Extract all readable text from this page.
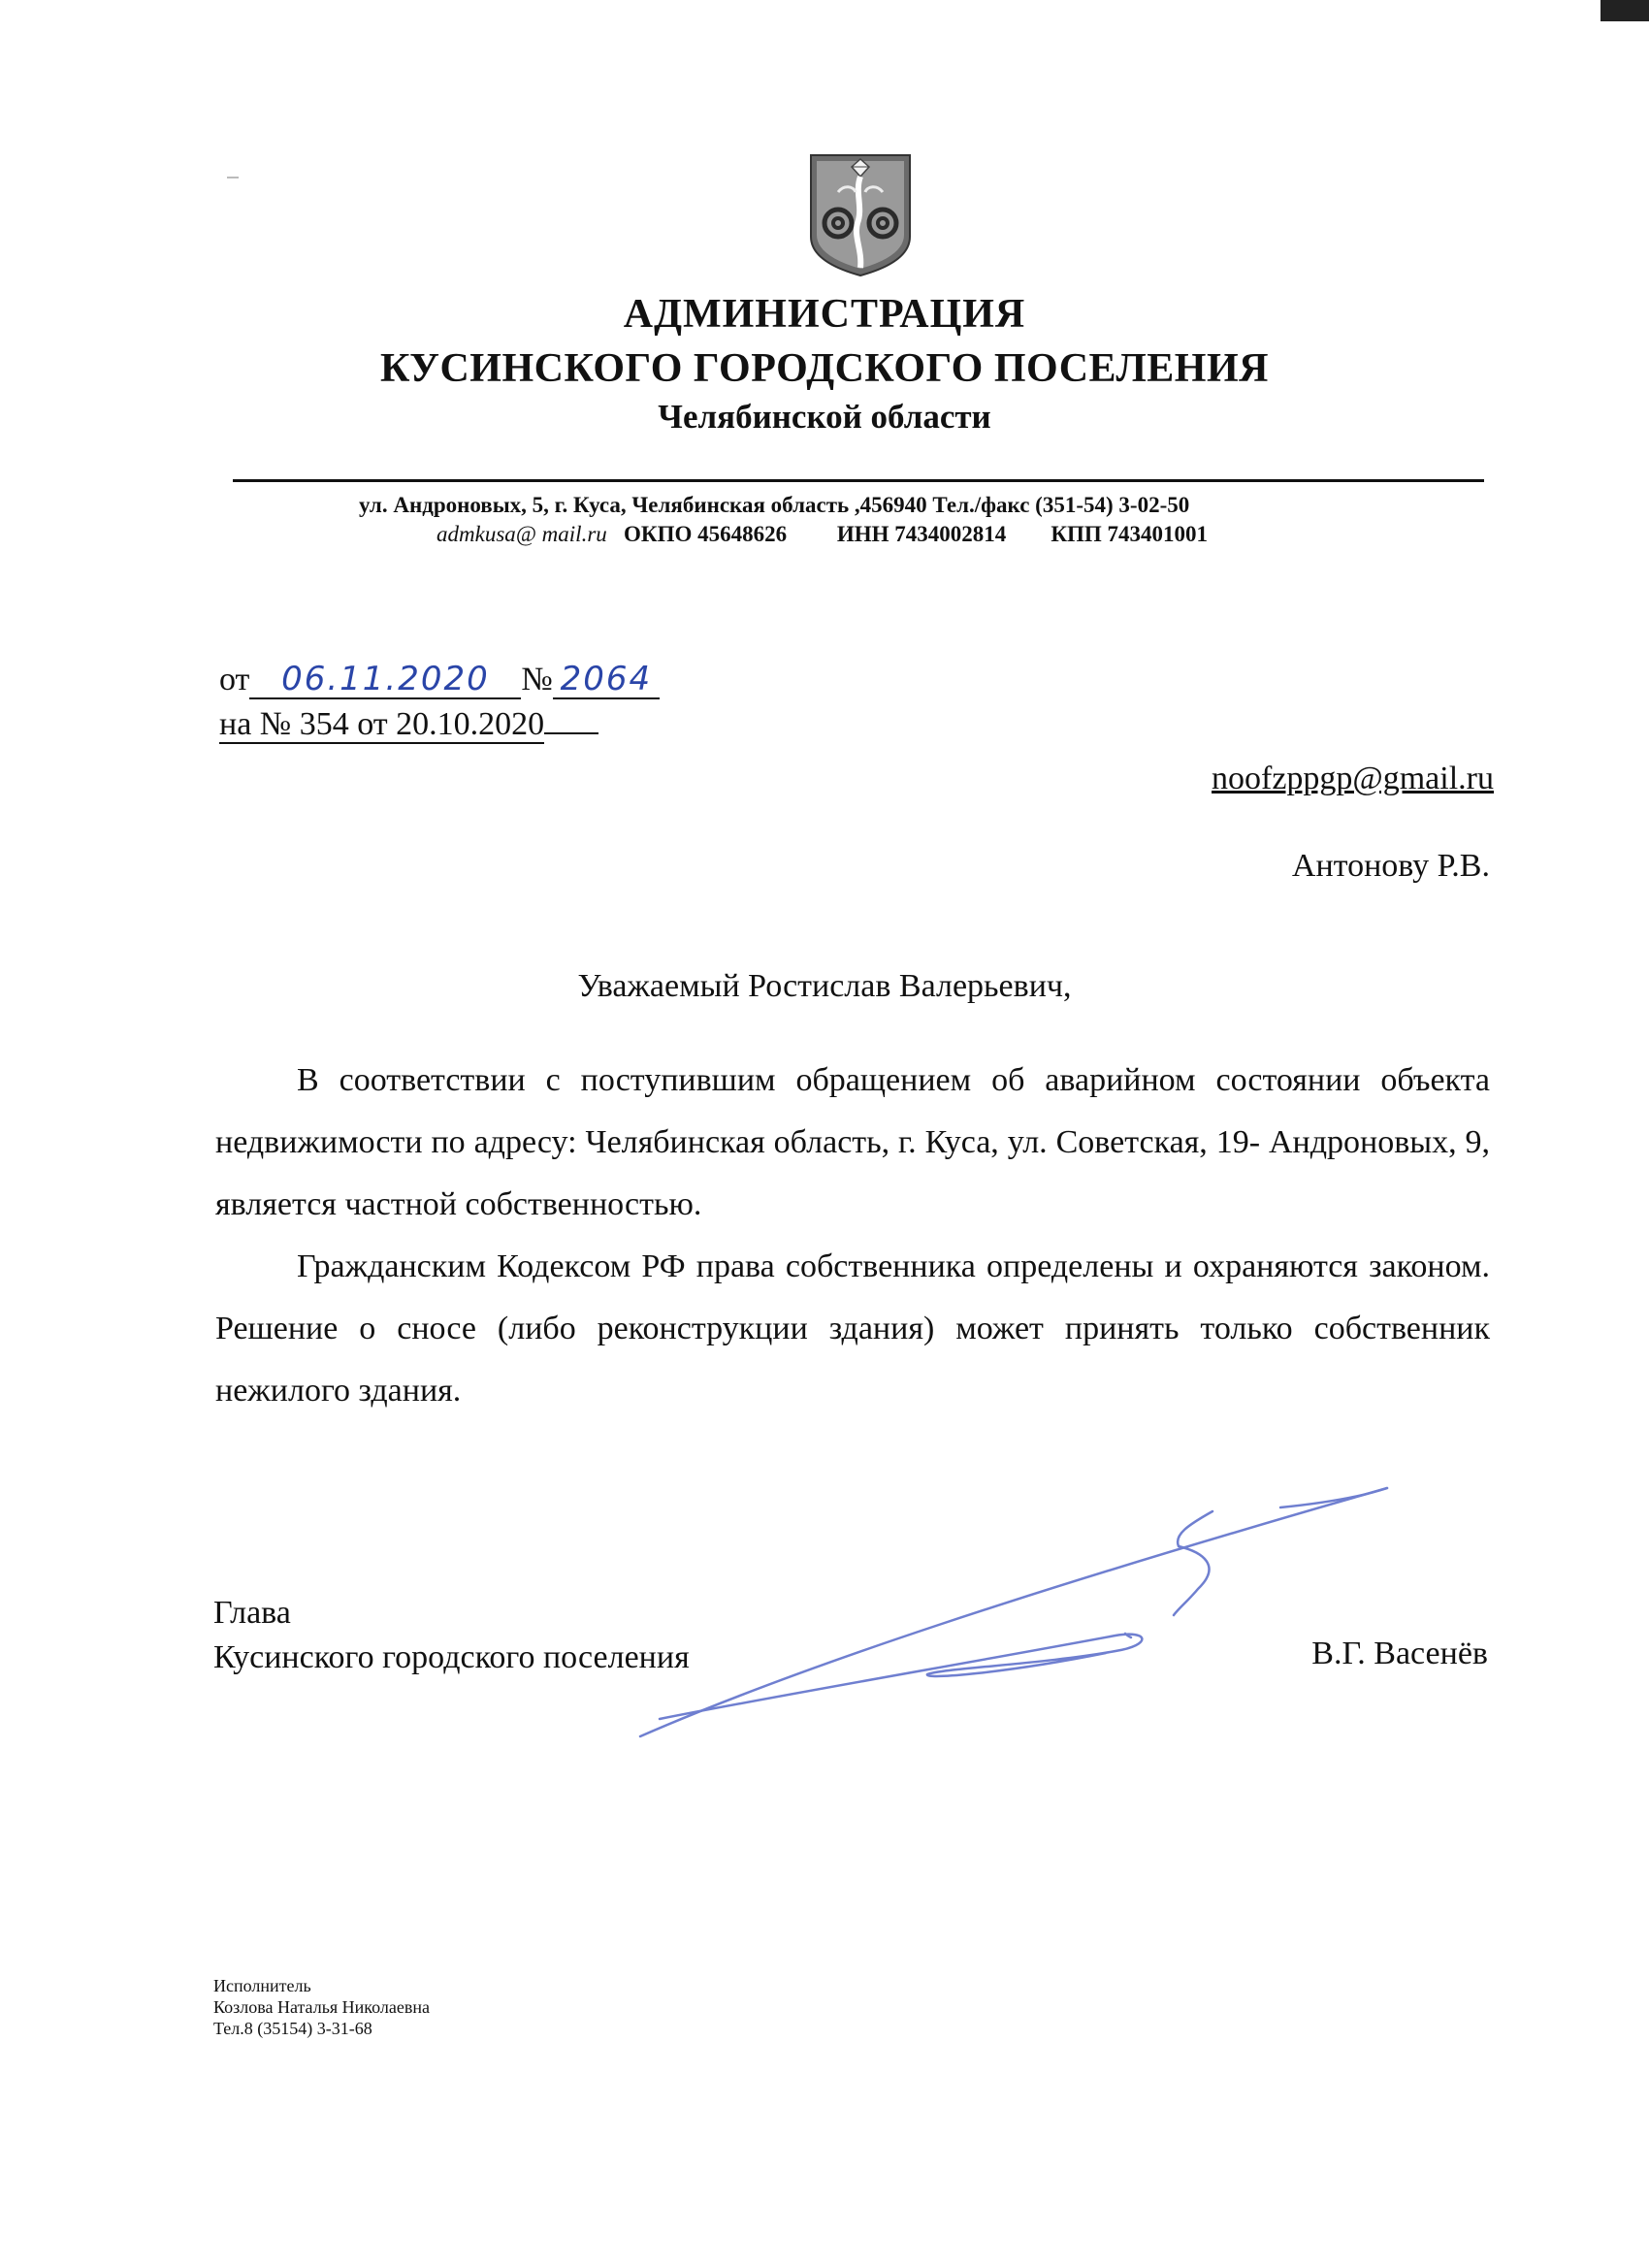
АДМИНИСТРАЦИЯ
КУСИНСКОГО ГОРОДСКОГО ПОСЕЛЕНИЯ
Челябинской области
ул. Андроновых, 5, г. Куса, Челябинская область ,456940 Тел./факс (351-54) 3-02-50
admkusa@ mail.ru ОКПО 45648626 ИНН 7434002814 КПП 743401001
от 06.11.2020 № 2064
на № 354 от 20.10.2020
noofzppgp@gmail.ru
Антонову Р.В.
Уважаемый Ростислав Валерьевич,

В соответствии с поступившим обращением об аварийном состоянии объекта недвижимости по адресу: Челябинская область, г. Куса, ул. Советская, 19- Андроновых, 9, является частной собственностью.

Гражданским Кодексом РФ права собственника определены и охраняются законом. Решение о сносе (либо реконструкции здания) может принять только собственник нежилого здания.

Глава
Кусинского городского поселения	В.Г. Васенёв
Исполнитель
Козлова Наталья Николаевна
Тел.8 (35154) 3-31-68
